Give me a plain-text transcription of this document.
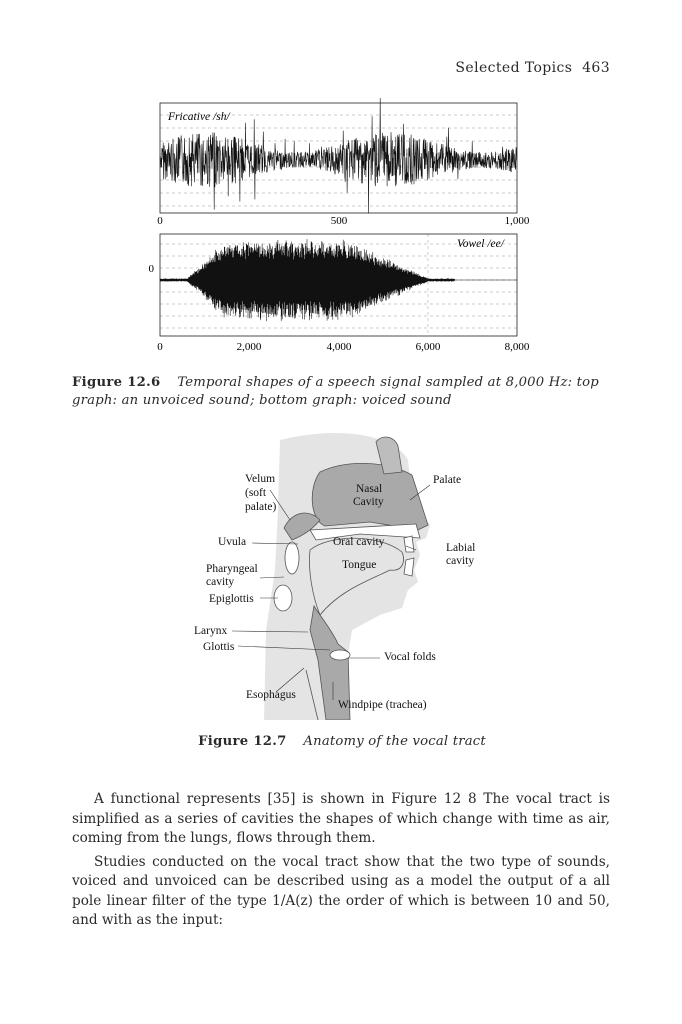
Selected Topics 463
Fricative /sh/
0	500	1,000
Vowel /ee/
0
0	2,000	4,000	6,000	8,000
Figure 12.6 Temporal shapes of a speech signal sampled at 8,000 Hz: top graph: an unvoiced sound; bottom graph: voiced sound
Velum
(soft
palate)
Palate
Nasal
Cavity
Uvula	Oral cavity	Labial
cavity
Tongue
Pharyngeal
cavity
Epiglottis
Larynx
Glottis
Vocal folds
Esophagus
Windpipe (trachea)
Figure 12.7 Anatomy of the vocal tract

A functional represents [35] is shown in Figure 12 8 The vocal tract is simplified as a series of cavities the shapes of which change with time as air, coming from the lungs, flows through them.

Studies conducted on the vocal tract show that the two type of sounds, voiced and unvoiced can be described using as a model the output of a all pole linear filter of the type 1/A(z) the order of which is between 10 and 50, and with as the input:
